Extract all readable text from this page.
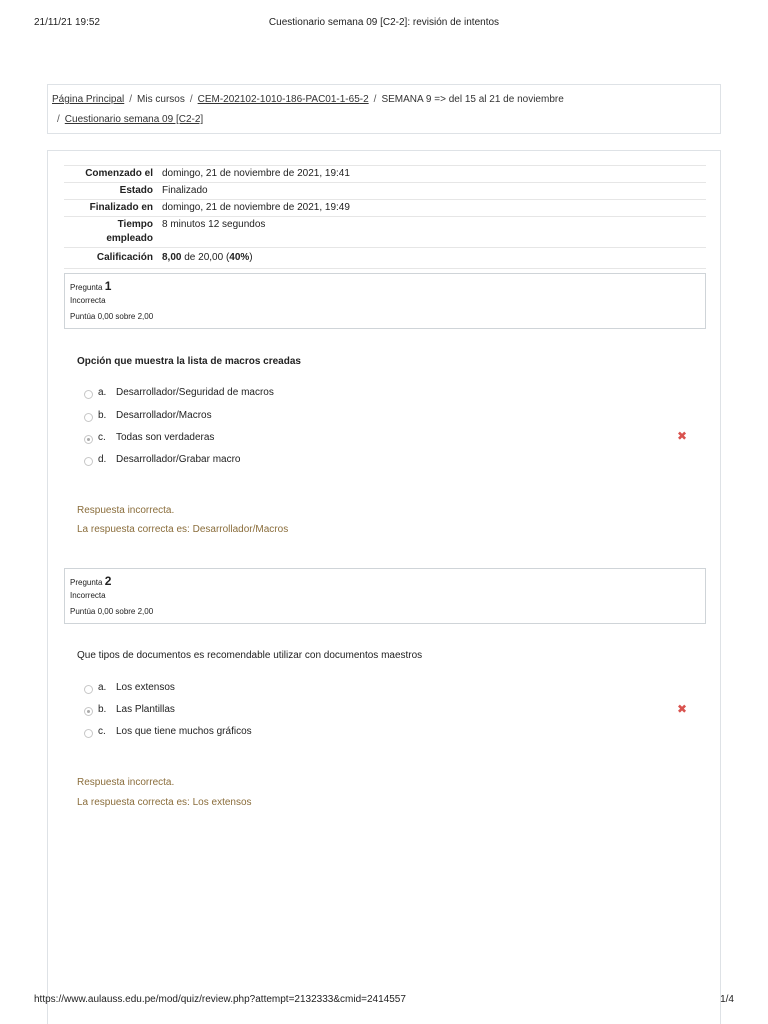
21/11/21 19:52	Cuestionario semana 09 [C2-2]: revisión de intentos
Página Principal / Mis cursos / CEM-202102-1010-186-PAC01-1-65-2 / SEMANA 9 => del 15 al 21 de noviembre
/ Cuestionario semana 09 [C2-2]
Comenzado el domingo, 21 de noviembre de 2021, 19:41
Estado Finalizado
Finalizado en domingo, 21 de noviembre de 2021, 19:49
Tiempo empleado
8 minutos 12 segundos
Calificación 8,00 de 20,00 (40%)
Pregunta 1
Incorrecta
Puntúa 0,00 sobre 2,00
Opción que muestra la lista de macros creadas
a. Desarrollador/Seguridad de macros
b. Desarrollador/Macros
c. Todas son verdaderas	✖
d. Desarrollador/Grabar macro
Respuesta incorrecta.
La respuesta correcta es: Desarrollador/Macros
Pregunta 2
Incorrecta
Puntúa 0,00 sobre 2,00
Que tipos de documentos es recomendable utilizar con documentos maestros
a. Los extensos
b. Las Plantillas	✖
c. Los que tiene muchos gráficos
Respuesta incorrecta.
La respuesta correcta es: Los extensos
https://www.aulauss.edu.pe/mod/quiz/review.php?attempt=2132333&cmid=2414557	1/4
